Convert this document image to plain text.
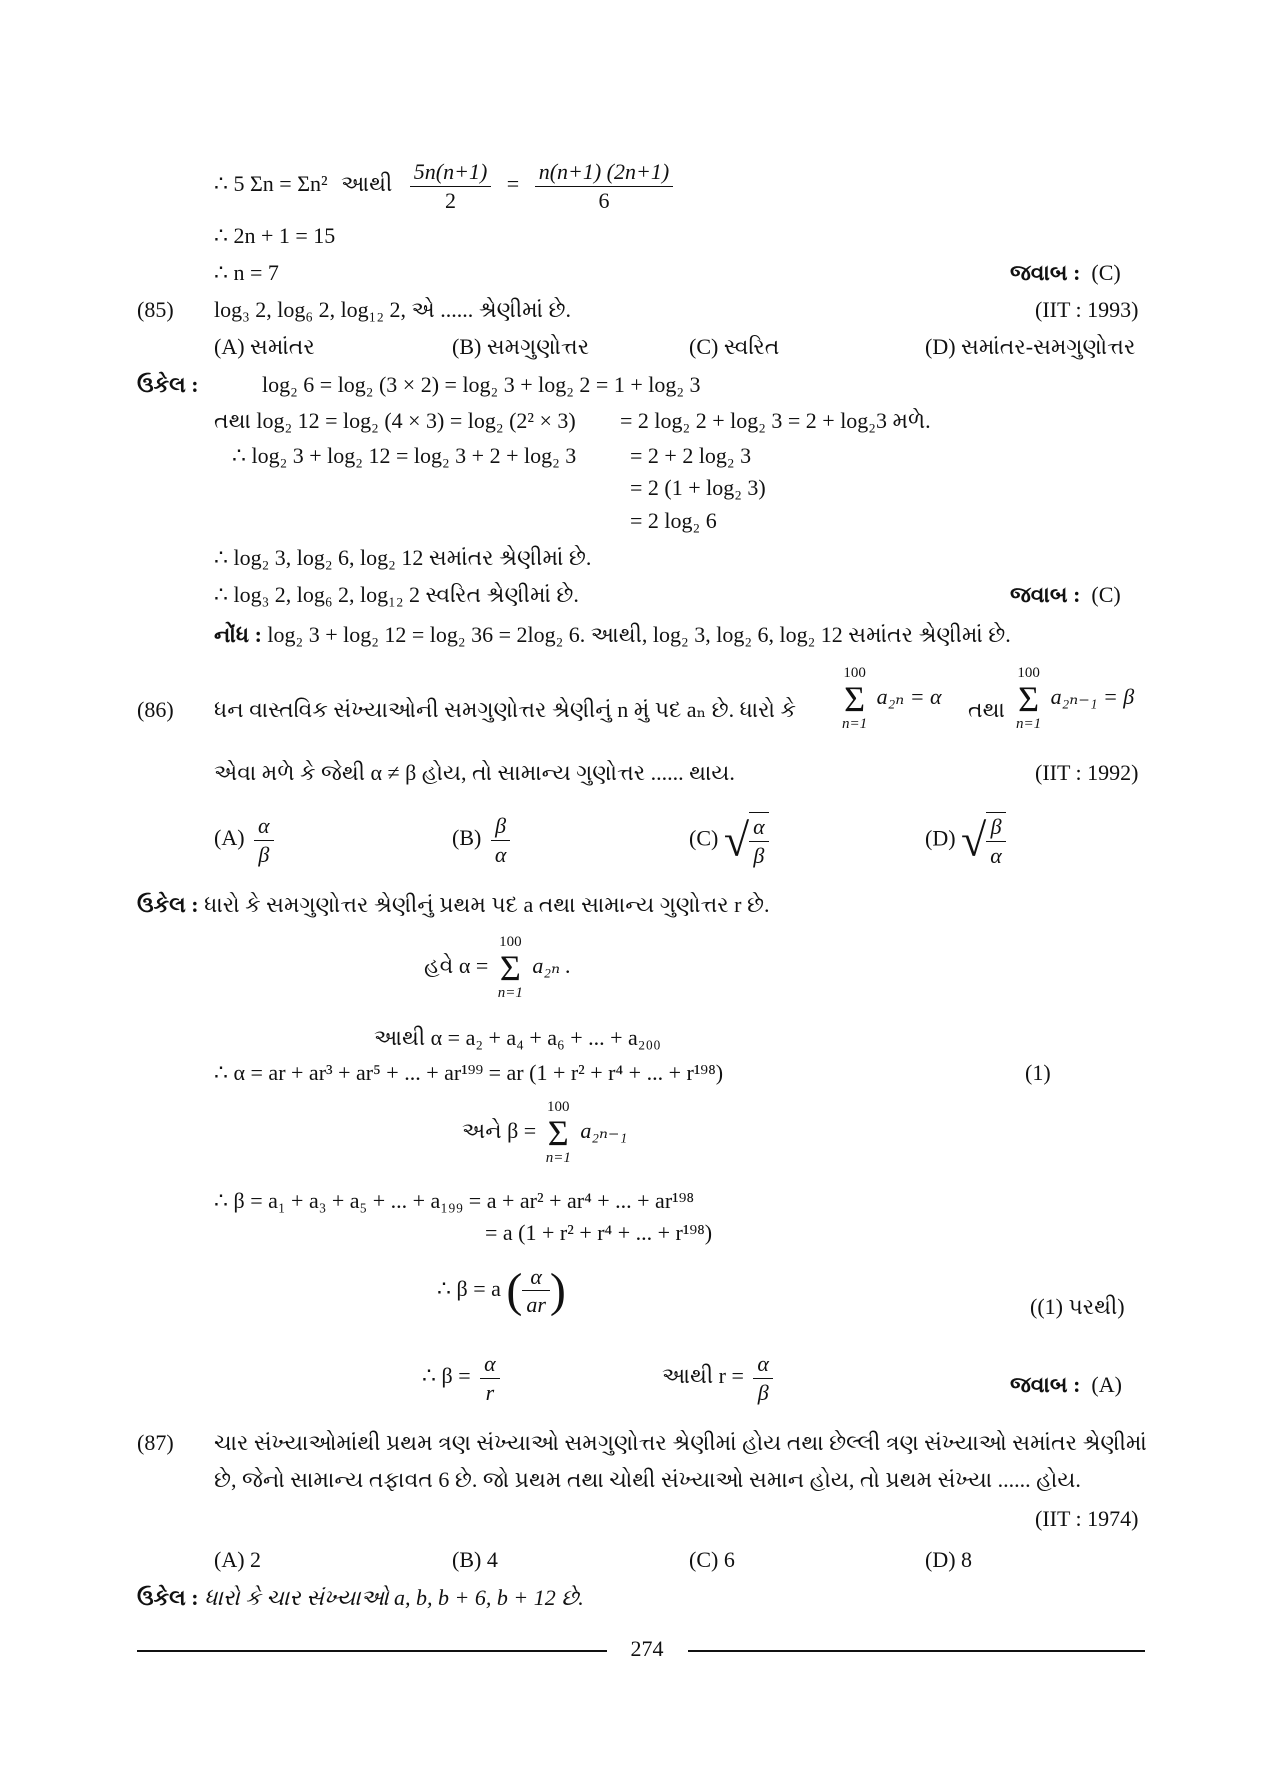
∴ 5 Σn = Σn² આથી $\frac{5n(n+1)}{2} = \frac{n(n+1) (2n+1)}{6}$
∴ 2n + 1 = 15
∴ n = 7	જવાબ : (C)
(85) log₃ 2, log₆ 2, log₁₂ 2, એ ...... શ્રેણીમાં છે.	(IIT : 1993)
(A) સમાંતર	(B) સમગુણોત્તર	(C) સ્વરિત	(D) સમાંતર-સમગુણોત્તર
ઉકેલ :	log₂ 6 = log₂ (3 × 2) = log₂ 3 + log₂ 2 = 1 + log₂ 3
તથા log₂ 12 = log₂ (4 × 3) = log₂ (2² × 3) = 2 log₂ 2 + log₂ 3 = 2 + log₂3 મળે.
∴ log₂ 3 + log₂ 12 = log₂ 3 + 2 + log₂ 3 = 2 + 2 log₂ 3
= 2 (1 + log₂ 3)
= 2 log₂ 6
∴ log₂ 3, log₂ 6, log₂ 12 સમાંતર શ્રેણીમાં છે.
∴ log₃ 2, log₆ 2, log₁₂ 2 સ્વરિત શ્રેણીમાં છે.	જવાબ : (C)
નોંધ : log₂ 3 + log₂ 12 = log₂ 36 = 2log₂ 6. આથી, log₂ 3, log₂ 6, log₂ 12 સમાંતર શ્રેણીમાં છે.
(86) ધન વાસ્તવિક સંખ્યાઓની સમગુણોત્તર શ્રેણીનું n મું પદ aₙ છે. ધારો કે
100
Σ
n=1
a₂ₙ = α
તથા
100
Σ
n=1
a₂ₙ₋₁ = β
એવા મળે કે જેથી α ≠ β હોય, તો સામાન્ય ગુણોત્તર ...... થાય.	(IIT : 1992)
$(A) \frac{\alpha}{\beta}$	$(B) \frac{\beta}{\alpha}$	(C) √ $\frac{\alpha}{\beta}$	(D) √ $\frac{\beta}{\alpha}$
ઉકેલ : ધારો કે સમગુણોત્તર શ્રેણીનું પ્રથમ પદ a તથા સામાન્ય ગુણોત્તર r છે.
હવે α =
100
Σ
n=1
a₂ₙ .
આથી α = a₂ + a₄ + a₆ + ... + a₂₀₀
∴ α = ar + ar³ + ar⁵ + ... + ar¹⁹⁹ = ar (1 + r² + r⁴ + ... + r¹⁹⁸)	(1)
અને β =
100
Σ
n=1
a₂ₙ₋₁
∴ β = a₁ + a₃ + a₅ + ... + a₁₉₉ = a + ar² + ar⁴ + ... + ar¹⁹⁸
= a (1 + r² + r⁴ + ... + r¹⁹⁸)
∴ β = a ( $\frac{\alpha}{ar}$ )	((1) પરથી)
∴ $\beta = \frac{\alpha}{r}$	આથી $r = \frac{\alpha}{\beta}$	જવાબ : (A)
(87) ચાર સંખ્યાઓમાંથી પ્રથમ ત્રણ સંખ્યાઓ સમગુણોત્તર શ્રેણીમાં હોય તથા છેલ્લી ત્રણ સંખ્યાઓ સમાંતર શ્રેણીમાં
છે, જેનો સામાન્ય તફાવત 6 છે. જો પ્રથમ તથા ચોથી સંખ્યાઓ સમાન હોય, તો પ્રથમ સંખ્યા ...... હોય.
(IIT : 1974)
(A) 2	(B) 4	(C) 6	(D) 8
ઉકેલ : ધારો કે ચાર સંખ્યાઓ a, b, b + 6, b + 12 છે.
274
